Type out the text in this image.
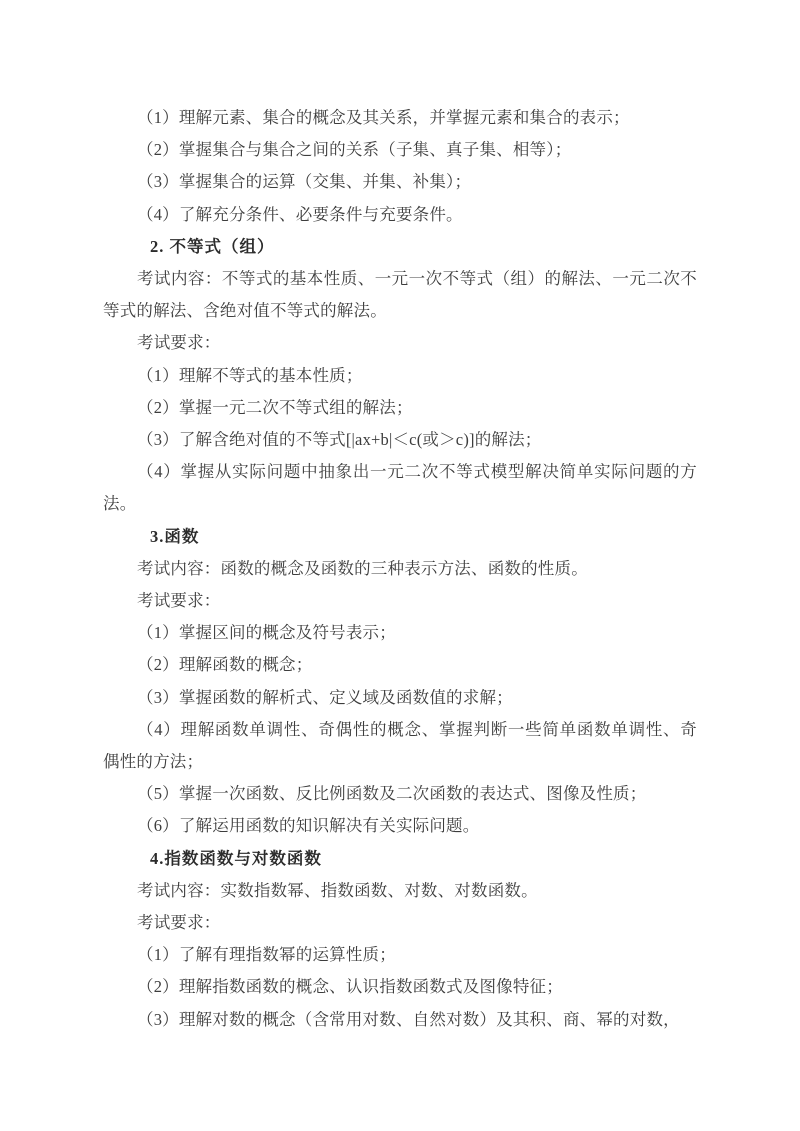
（1）理解元素、集合的概念及其关系，并掌握元素和集合的表示；
（2）掌握集合与集合之间的关系（子集、真子集、相等）；
（3）掌握集合的运算（交集、并集、补集）；
（4）了解充分条件、必要条件与充要条件。
2. 不等式（组）
考试内容：不等式的基本性质、一元一次不等式（组）的解法、一元二次不
等式的解法、含绝对值不等式的解法。
考试要求：
（1）理解不等式的基本性质；
（2）掌握一元二次不等式组的解法；
（3）了解含绝对值的不等式[|ax+b|＜c(或＞c)]的解法；
（4）掌握从实际问题中抽象出一元二次不等式模型解决简单实际问题的方
法。
3.函数
考试内容：函数的概念及函数的三种表示方法、函数的性质。
考试要求：
（1）掌握区间的概念及符号表示；
（2）理解函数的概念；
（3）掌握函数的解析式、定义域及函数值的求解；
（4）理解函数单调性、奇偶性的概念、掌握判断一些简单函数单调性、奇
偶性的方法；
（5）掌握一次函数、反比例函数及二次函数的表达式、图像及性质；
（6）了解运用函数的知识解决有关实际问题。
4.指数函数与对数函数
考试内容：实数指数幂、指数函数、对数、对数函数。
考试要求：
（1）了解有理指数幂的运算性质；
（2）理解指数函数的概念、认识指数函数式及图像特征；
（3）理解对数的概念（含常用对数、自然对数）及其积、商、幂的对数，
